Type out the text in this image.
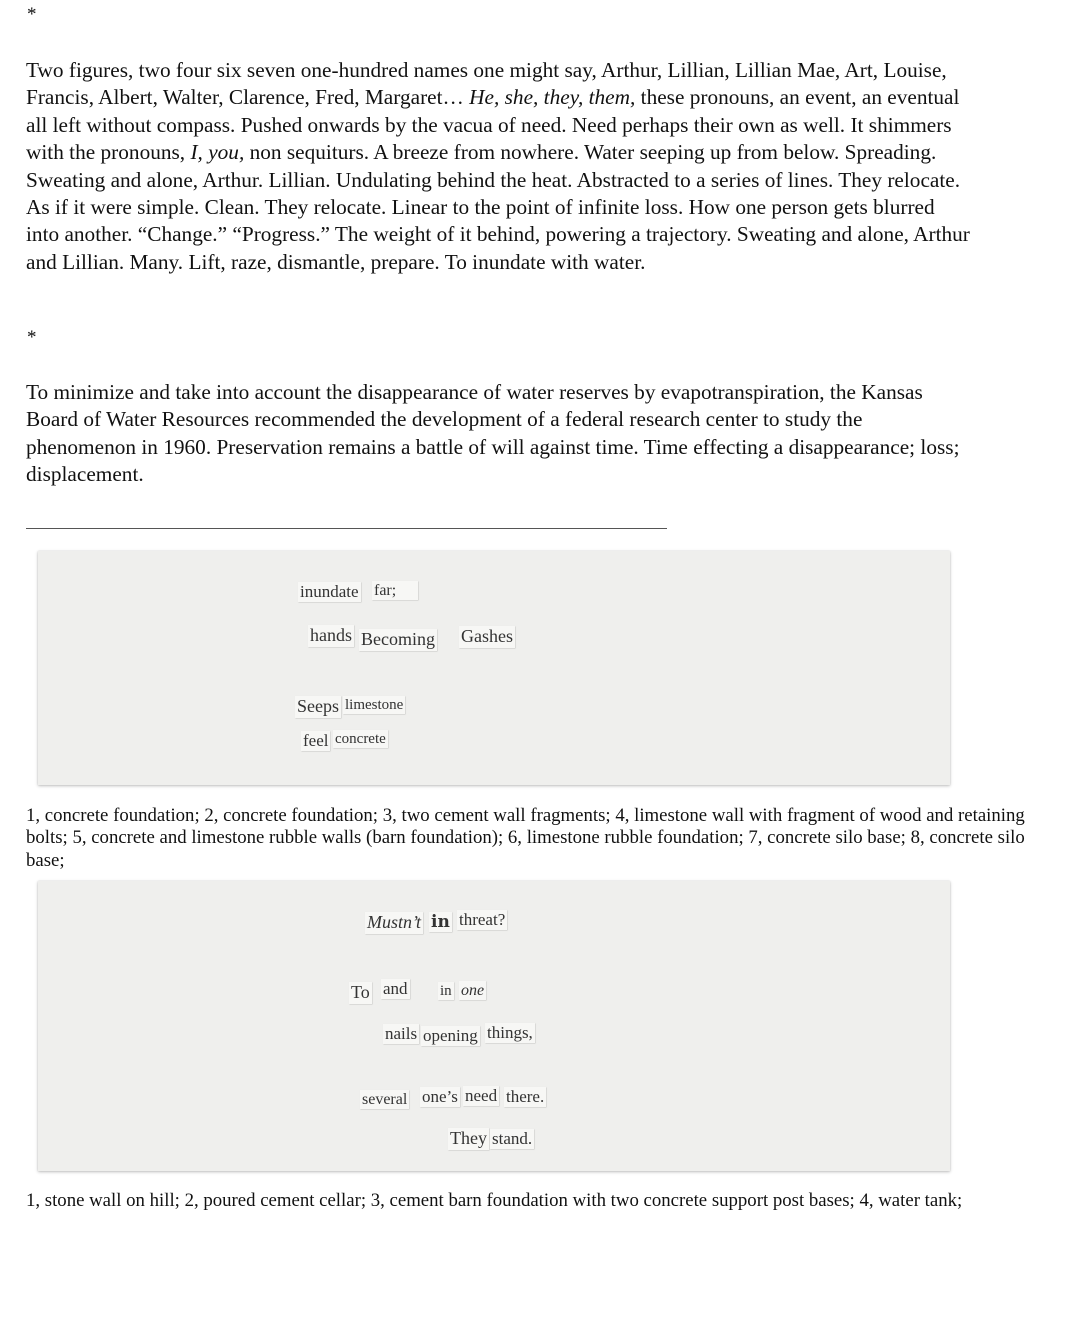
*

Two figures, two four six seven one-hundred names one might say, Arthur, Lillian, Lillian Mae, Art, Louise, Francis, Albert, Walter, Clarence, Fred, Margaret… He, she, they, them, these pronouns, an event, an eventual all left without compass. Pushed onwards by the vacua of need. Need perhaps their own as well. It shimmers with the pronouns, I, you, non sequiturs. A breeze from nowhere. Water seeping up from below. Spreading. Sweating and alone, Arthur. Lillian. Undulating behind the heat. Abstracted to a series of lines. They relocate. As if it were simple. Clean. They relocate. Linear to the point of infinite loss. How one person gets blurred into another. “Change.” “Progress.” The weight of it behind, powering a trajectory. Sweating and alone, Arthur and Lillian. Many. Lift, raze, dismantle, prepare. To inundate with water.

*

To minimize and take into account the disappearance of water reserves by evapotranspiration, the Kansas Board of Water Resources recommended the development of a federal research center to study the phenomenon in 1960. Preservation remains a battle of will against time. Time effecting a disappearance; loss; displacement.

inundate far;
hands Becoming Gashes
Seeps limestone
feel concrete

1, concrete foundation; 2, concrete foundation; 3, two cement wall fragments; 4, limestone wall with fragment of wood and retaining bolts; 5, concrete and limestone rubble walls (barn foundation); 6, limestone rubble foundation; 7, concrete silo base; 8, concrete silo base;

Mustn’t in threat?
To and in one
nails opening things,
several one’s need there.
They stand.

1, stone wall on hill; 2, poured cement cellar; 3, cement barn foundation with two concrete support post bases; 4, water tank;
